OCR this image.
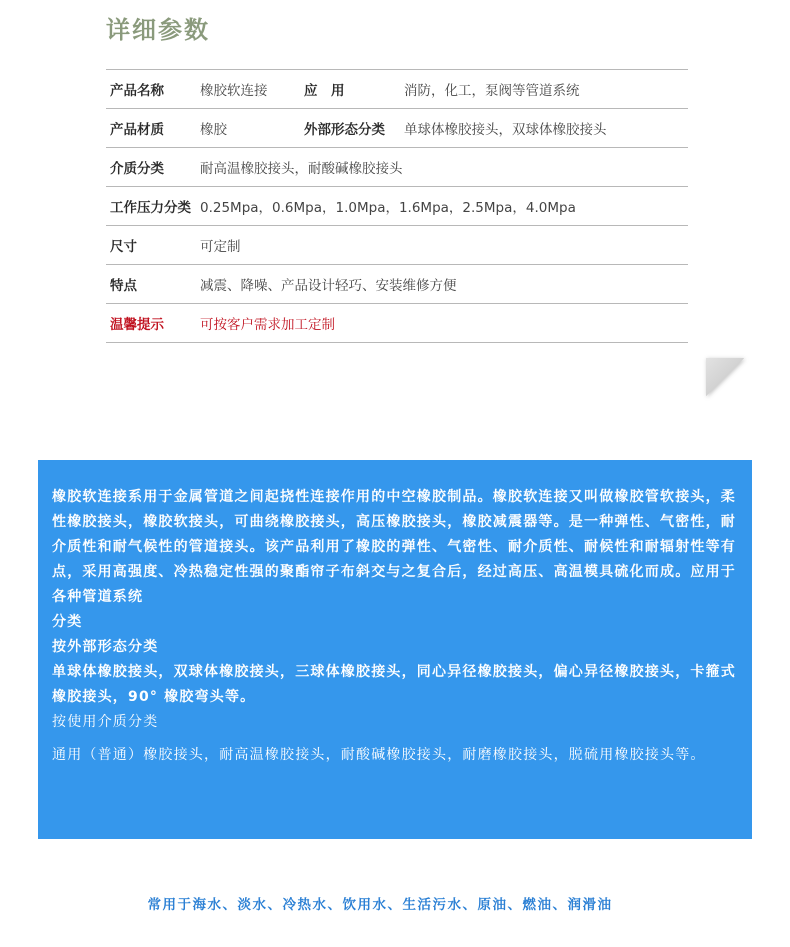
详细参数
产品名称	橡胶软连接	应　用	消防，化工，泵阀等管道系统
产品材质	橡胶	外部形态分类	单球体橡胶接头，双球体橡胶接头
介质分类	耐高温橡胶接头，耐酸碱橡胶接头		
工作压力分类	0.25Mpa，0.6Mpa，1.0Mpa，1.6Mpa，2.5Mpa，4.0Mpa		
尺寸	可定制		
特点	减震、降噪、产品设计轻巧、安装维修方便		
温馨提示	可按客户需求加工定制		

橡胶软连接系用于金属管道之间起挠性连接作用的中空橡胶制品。橡胶软连接又叫做橡胶管软接头，柔性橡胶接头，橡胶软接头，可曲绕橡胶接头，高压橡胶接头，橡胶减震器等。是一种弹性、气密性，耐介质性和耐气候性的管道接头。该产品利用了橡胶的弹性、气密性、耐介质性、耐候性和耐辐射性等有点，采用高强度、冷热稳定性强的聚酯帘子布斜交与之复合后，经过高压、高温模具硫化而成。应用于各种管道系统

分类

按外部形态分类

单球体橡胶接头，双球体橡胶接头，三球体橡胶接头，同心异径橡胶接头，偏心异径橡胶接头，卡箍式橡胶接头，90° 橡胶弯头等。

按使用介质分类

通用（普通）橡胶接头，耐高温橡胶接头，耐酸碱橡胶接头，耐磨橡胶接头，脱硫用橡胶接头等。

常用于海水、淡水、冷热水、饮用水、生活污水、原油、燃油、润滑油
